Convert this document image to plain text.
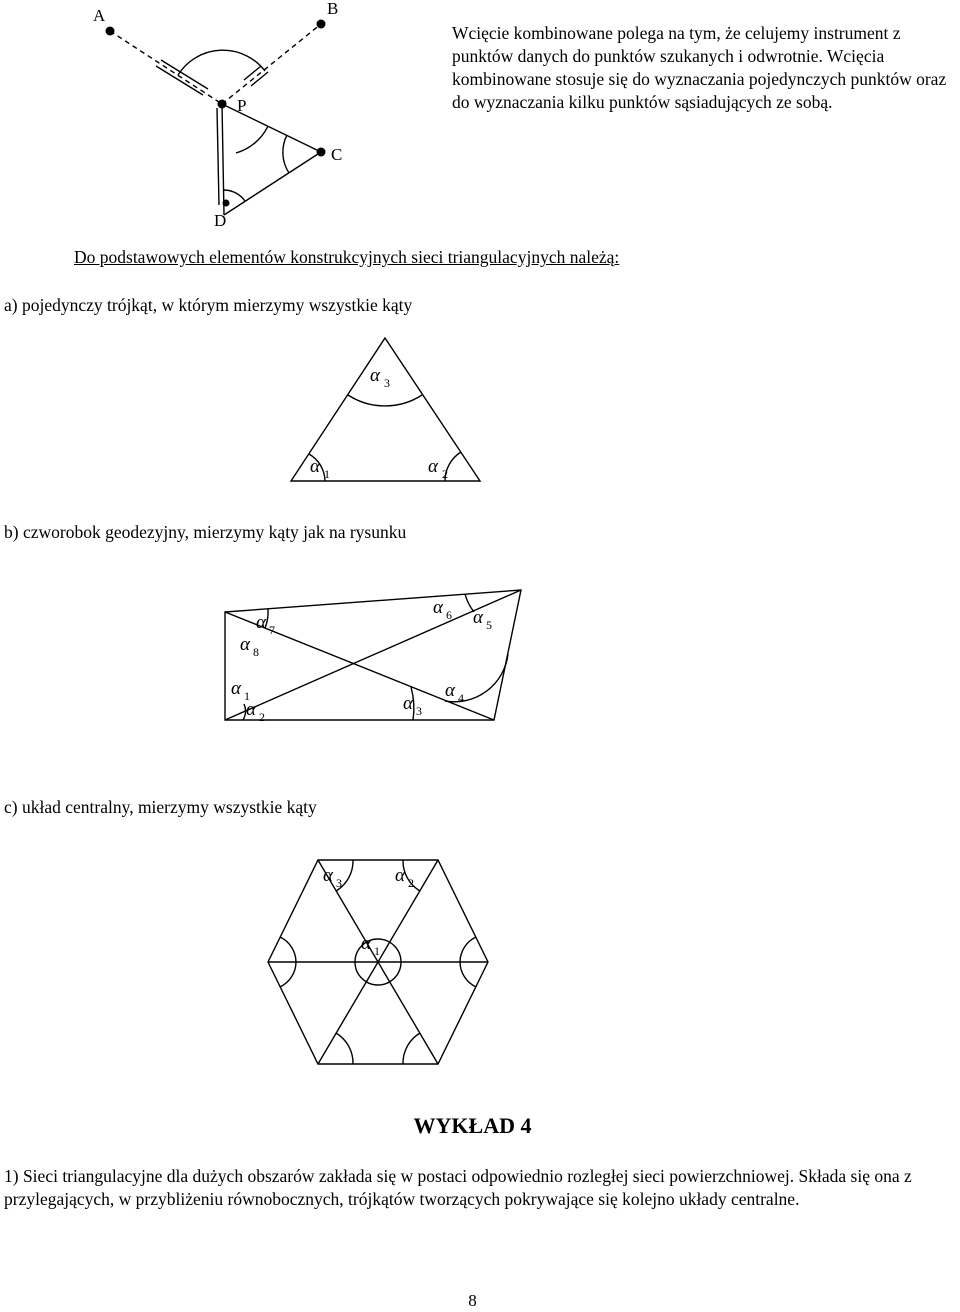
A	B
C
P
D
Wcięcie kombinowane polega na tym, że celujemy instrument z punktów danych do punktów szukanych i odwrotnie. Wcięcia kombinowane stosuje się do wyznaczania pojedynczych punktów oraz do wyznaczania kilku punktów sąsiadujących ze sobą.
Do podstawowych elementów konstrukcyjnych sieci triangulacyjnych należą:
a) pojedynczy trójkąt, w którym mierzymy wszystkie kąty
α $_3$
α $_1$	α $_2$
b) czworobok geodezyjny, mierzymy kąty jak na rysunku
α $_6$ α $_5$
α $_7$
α $_8$
α $_1$
α $_2$
α $_3$
α $_4$
c) układ centralny, mierzymy wszystkie kąty
α $_3$	α $_2$
α $_1$
WYKŁAD 4
1) Sieci triangulacyjne dla dużych obszarów zakłada się w postaci odpowiednio rozległej sieci powierzchniowej. Składa się ona z przylegających, w przybliżeniu równobocznych, trójkątów tworzących pokrywające się kolejno układy centralne.
8
